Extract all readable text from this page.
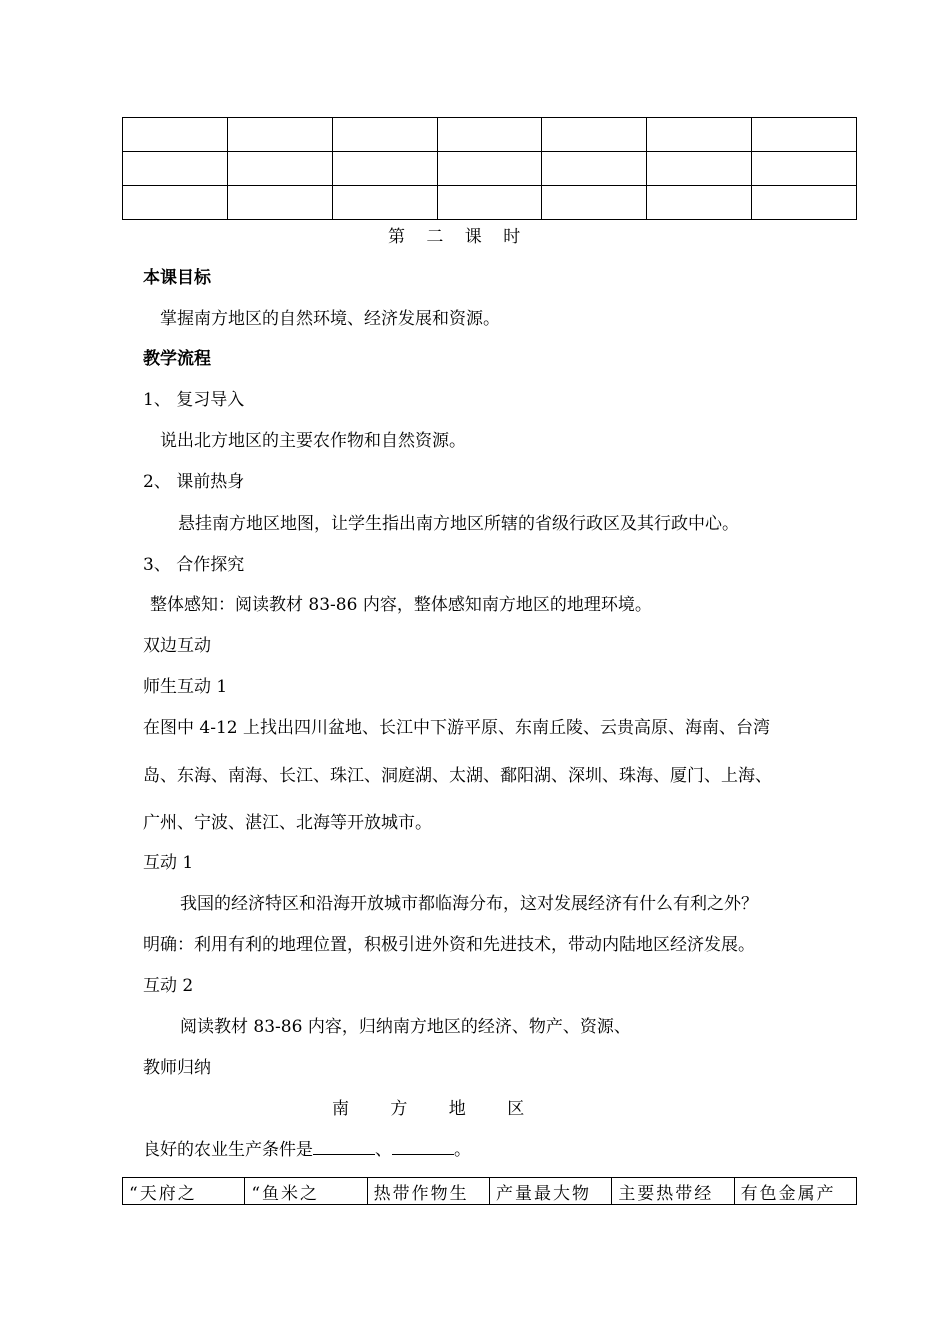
第 二 课 时
本课目标
掌握南方地区的自然环境、经济发展和资源。
教学流程
1、 复习导入
说出北方地区的主要农作物和自然资源。
2、 课前热身
悬挂南方地区地图，让学生指出南方地区所辖的省级行政区及其行政中心。
3、 合作探究
整体感知：阅读教材 83-86 内容，整体感知南方地区的地理环境。
双边互动
师生互动 1
在图中 4-12 上找出四川盆地、长江中下游平原、东南丘陵、云贵高原、海南、台湾
岛、东海、南海、长江、珠江、洞庭湖、太湖、鄱阳湖、深圳、珠海、厦门、上海、
广州、宁波、湛江、北海等开放城市。
互动 1
我国的经济特区和沿海开放城市都临海分布，这对发展经济有什么有利之外？
明确：利用有利的地理位置，积极引进外资和先进技术，带动内陆地区经济发展。
互动 2
阅读教材 83-86 内容，归纳南方地区的经济、物产、资源、
教师归纳
南 方 地 区
良好的农业生产条件是	、	。
“天府之	“鱼米之	热带作物生	产量最大物	主要热带经	有色金属产
